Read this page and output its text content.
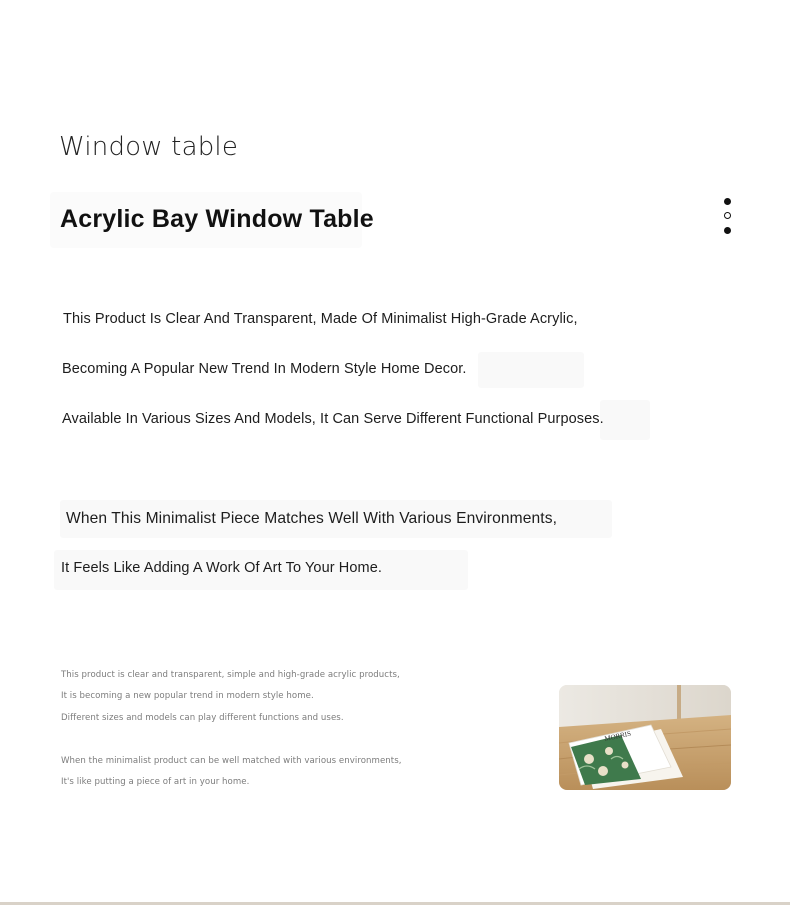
Window table
Acrylic Bay Window Table
This Product Is Clear And Transparent, Made Of Minimalist High-Grade Acrylic,
Becoming A Popular New Trend In Modern Style Home Decor.
Available In Various Sizes And Models, It Can Serve Different Functional Purposes.
When This Minimalist Piece Matches Well With Various Environments,
It Feels Like Adding A Work Of Art To Your Home.
This product is clear and transparent, simple and high-grade acrylic products,
It is becoming a new popular trend in modern style home.
Different sizes and models can play different functions and uses.
When the minimalist product can be well matched with various environments,
It's like putting a piece of art in your home.
MORRIS
